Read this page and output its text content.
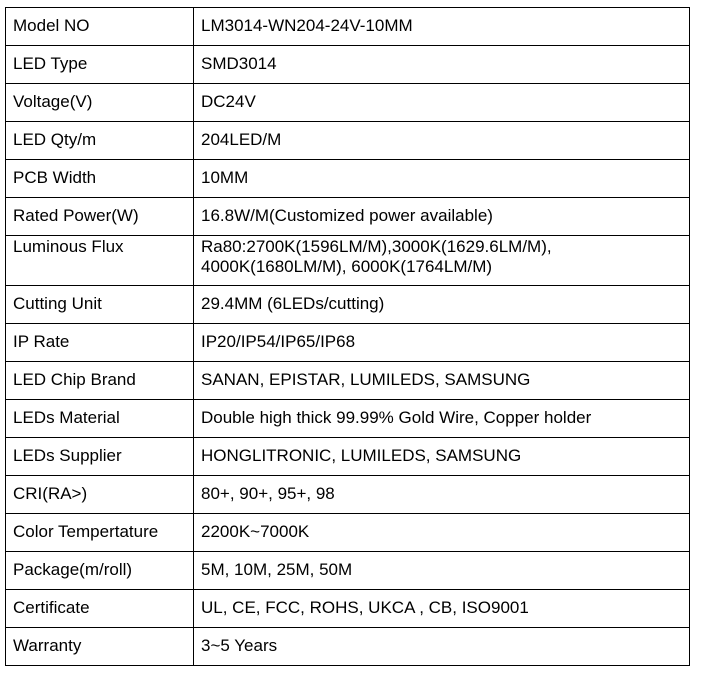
Model NO	LM3014-WN204-24V-10MM
LED Type	SMD3014
Voltage(V)	DC24V
LED Qty/m	204LED/M
PCB Width	10MM
Rated Power(W)	16.8W/M(Customized power available)
Luminous Flux	Ra80:2700K(1596LM/M),3000K(1629.6LM/M),
4000K(1680LM/M), 6000K(1764LM/M)

Cutting Unit	29.4MM (6LEDs/cutting)
IP Rate	IP20/IP54/IP65/IP68
LED Chip Brand	SANAN, EPISTAR, LUMILEDS, SAMSUNG
LEDs Material	Double high thick 99.99% Gold Wire, Copper holder
LEDs Supplier	HONGLITRONIC, LUMILEDS, SAMSUNG
CRI(RA>)	80+, 90+, 95+, 98
Color Tempertature	2200K~7000K
Package(m/roll)	5M, 10M, 25M, 50M
Certificate	UL, CE, FCC, ROHS, UKCA , CB, ISO9001
Warranty	3~5 Years
